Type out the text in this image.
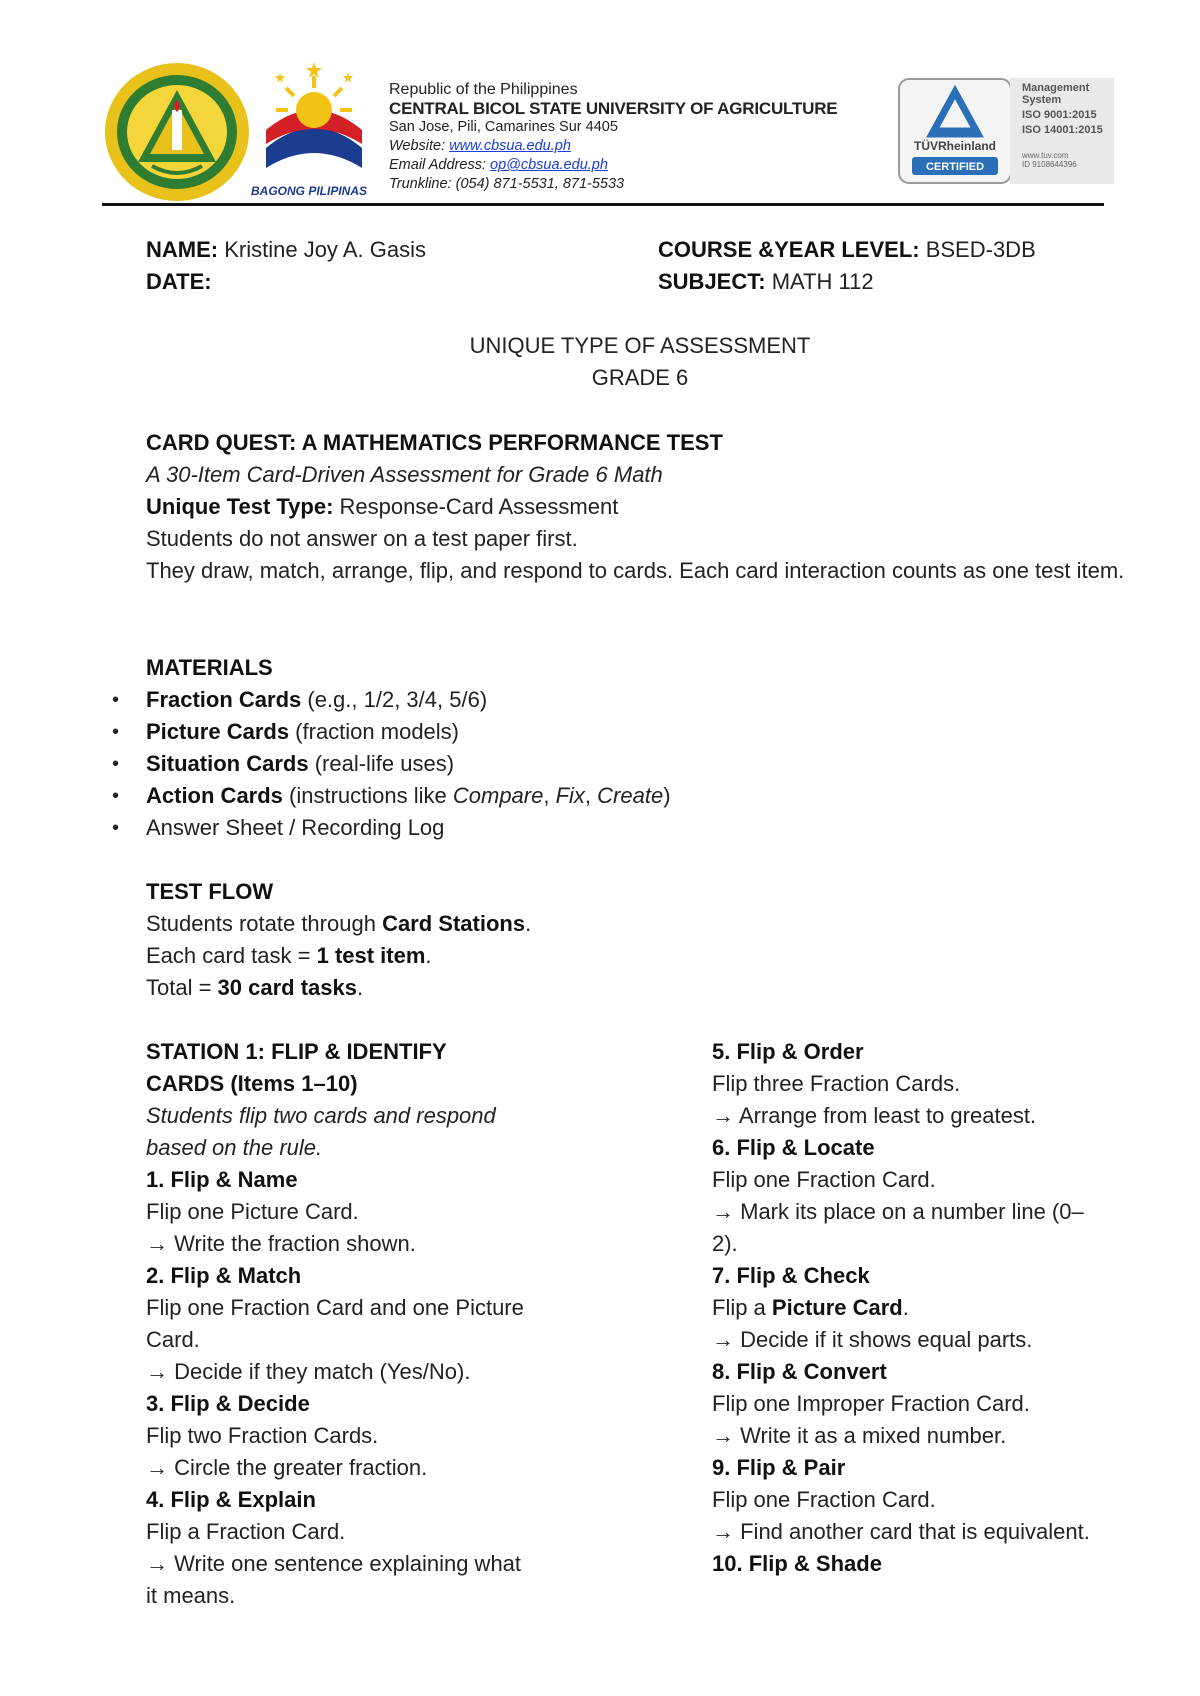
BAGONG PILIPINAS
Republic of the Philippines
CENTRAL BICOL STATE UNIVERSITY OF AGRICULTURE
San Jose, Pili, Camarines Sur 4405
Website: www.cbsua.edu.ph
Email Address: op@cbsua.edu.ph
Trunkline: (054) 871-5531, 871-5533
TÜVRheinland
CERTIFIED
Management
System
ISO 9001:2015
ISO 14001:2015
www.tuv.com
ID 9108644396
NAME: Kristine Joy A. Gasis
DATE:
COURSE &YEAR LEVEL: BSED-3DB
SUBJECT: MATH 112
UNIQUE TYPE OF ASSESSMENT
GRADE 6

CARD QUEST: A MATHEMATICS PERFORMANCE TEST

A 30-Item Card-Driven Assessment for Grade 6 Math

Unique Test Type: Response-Card Assessment

Students do not answer on a test paper first.

They draw, match, arrange, flip, and respond to cards. Each card interaction counts as one test item.

MATERIALS

• Fraction Cards (e.g., 1/2, 3/4, 5/6)
• Picture Cards (fraction models)
• Situation Cards (real-life uses)
• Action Cards (instructions like Compare, Fix, Create)
• Answer Sheet / Recording Log

TEST FLOW

Students rotate through Card Stations.

Each card task = 1 test item.

Total = 30 card tasks.

STATION 1: FLIP & IDENTIFY

CARDS (Items 1–10)

Students flip two cards and respond

based on the rule.

1. Flip & Name

Flip one Picture Card.

→ Write the fraction shown.

2. Flip & Match

Flip one Fraction Card and one Picture

Card.

→ Decide if they match (Yes/No).

3. Flip & Decide

Flip two Fraction Cards.

→ Circle the greater fraction.

4. Flip & Explain

Flip a Fraction Card.

→ Write one sentence explaining what

it means.

5. Flip & Order

Flip three Fraction Cards.

→ Arrange from least to greatest.

6. Flip & Locate

Flip one Fraction Card.

→ Mark its place on a number line (0–

2).

7. Flip & Check

Flip a Picture Card.

→ Decide if it shows equal parts.

8. Flip & Convert

Flip one Improper Fraction Card.

→ Write it as a mixed number.

9. Flip & Pair

Flip one Fraction Card.

→ Find another card that is equivalent.

10. Flip & Shade
